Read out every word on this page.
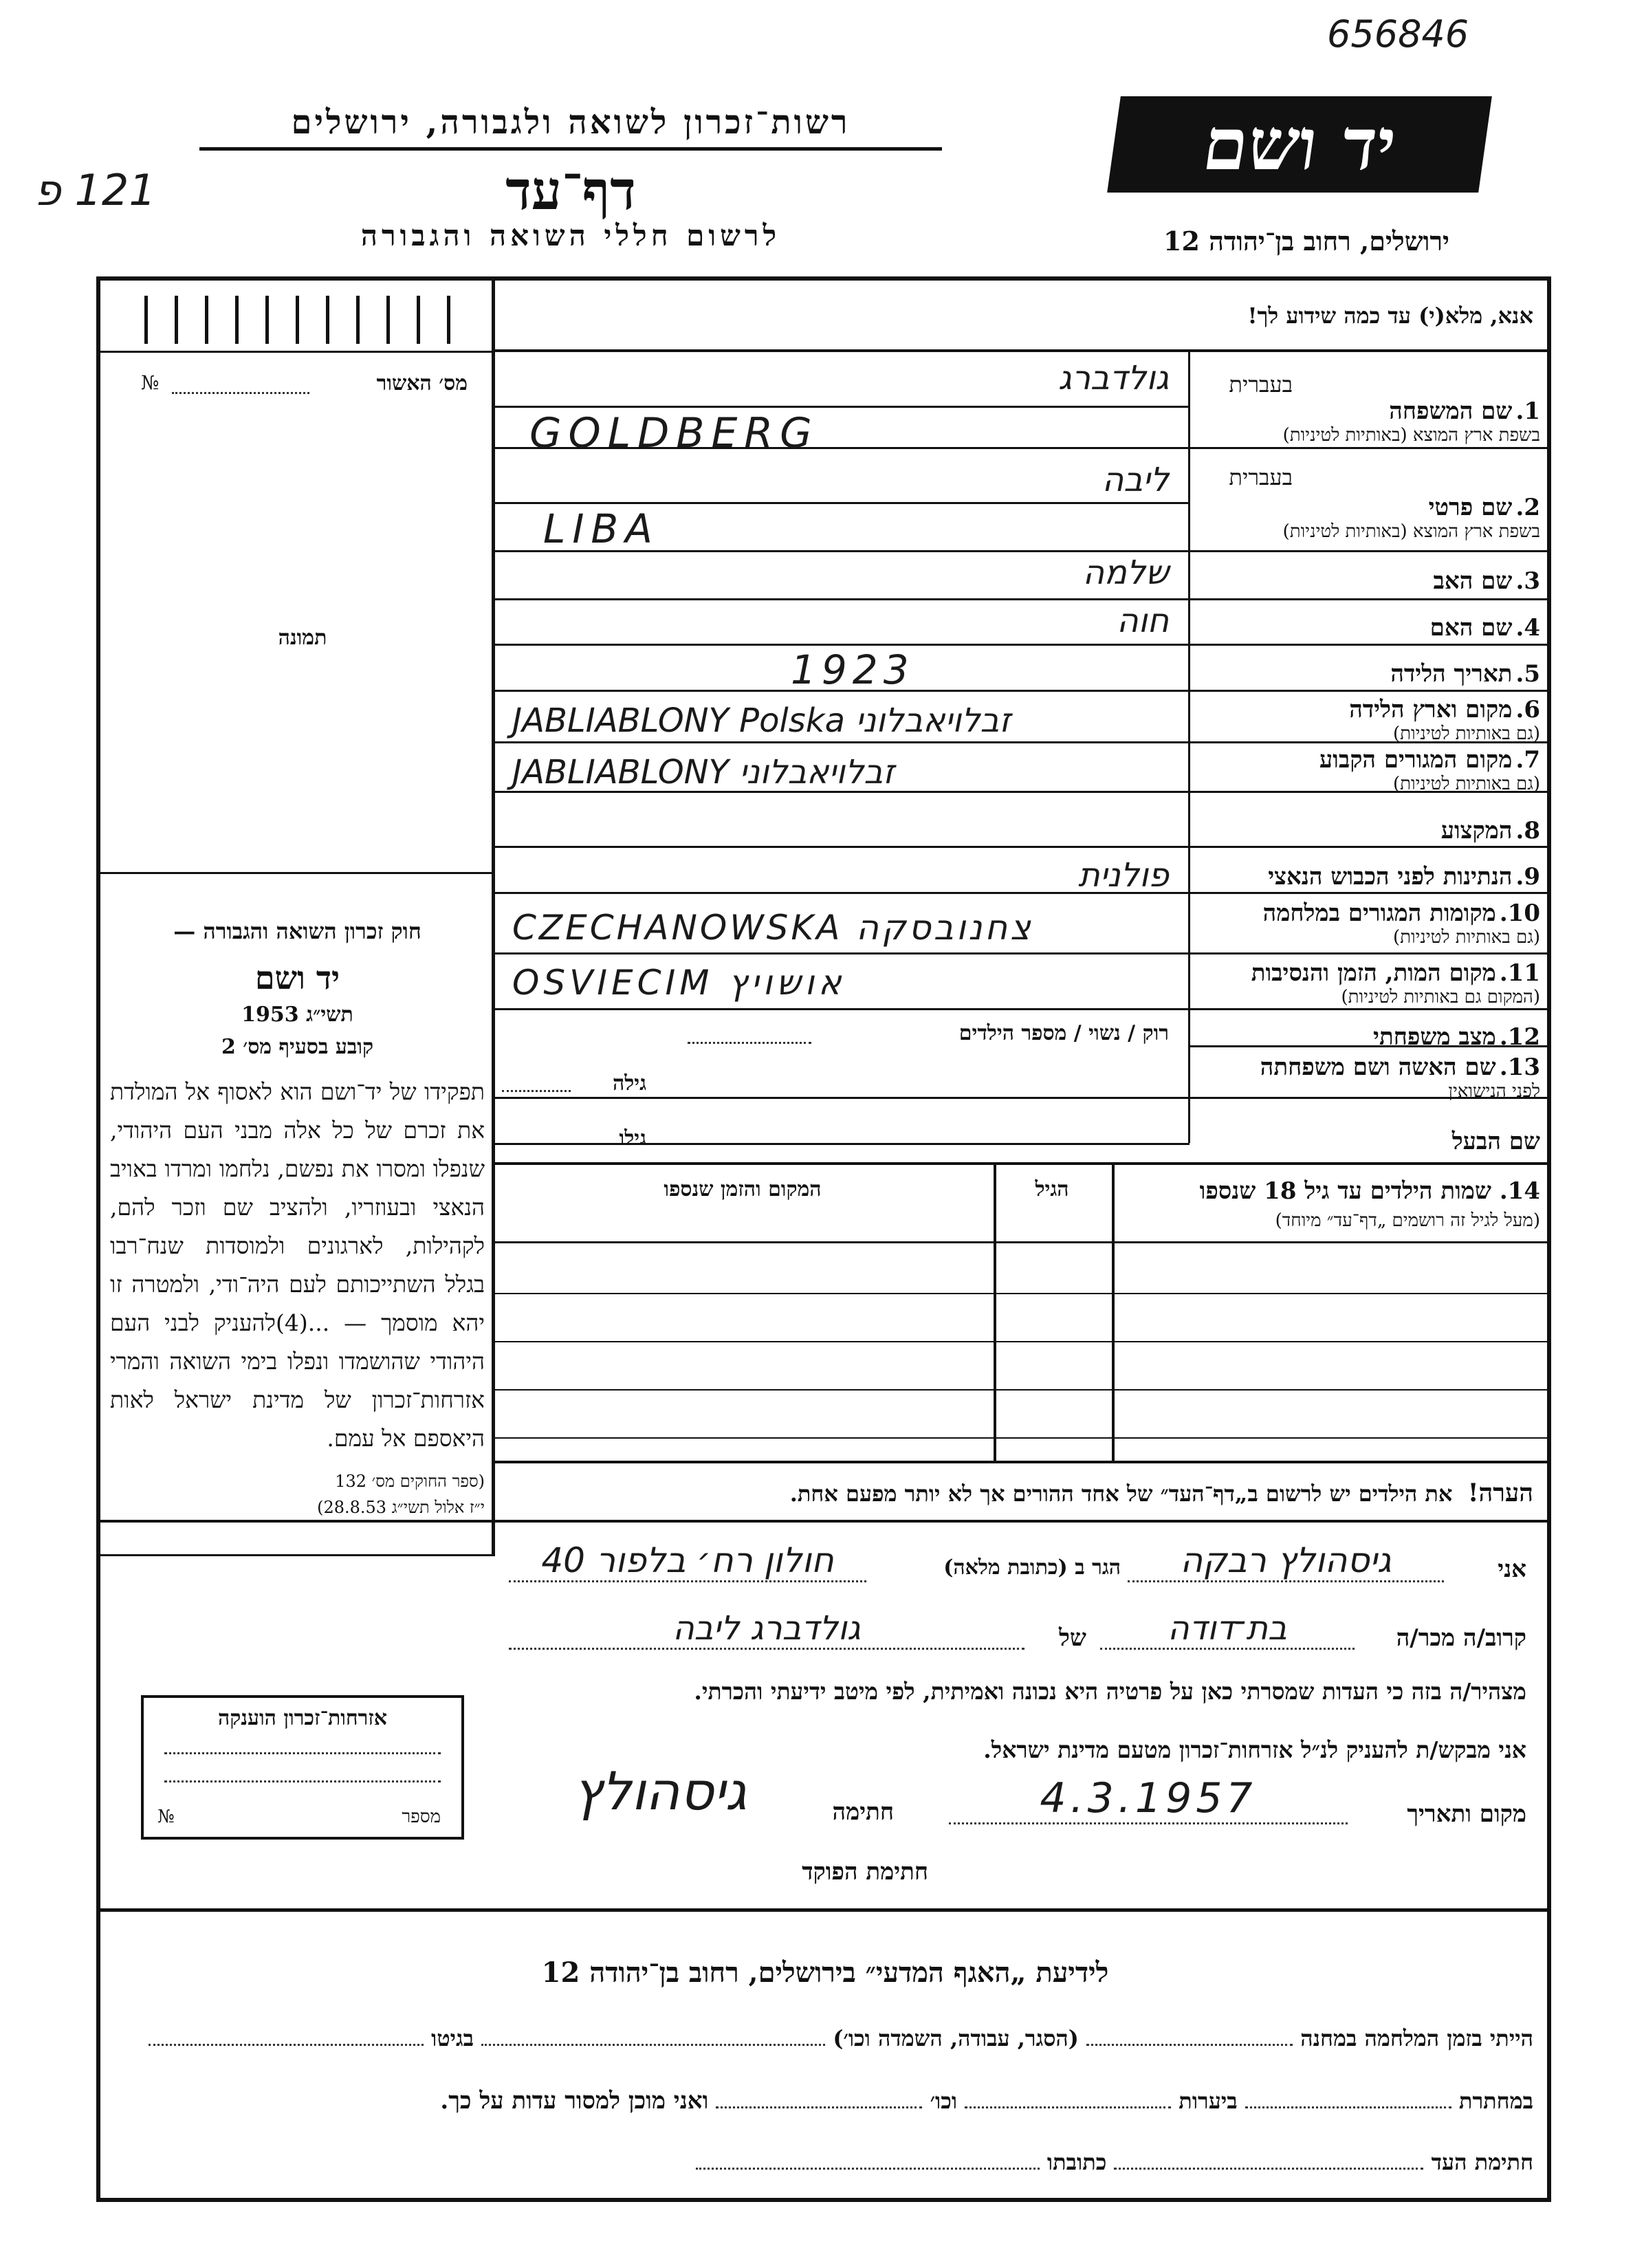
656846
121 פ
רשות־זכרון לשואה ולגבורה, ירושלים
דף־עד
לרשום חללי השואה והגבורה
יד ושם
ירושלים, רחוב בן־יהודה 12
אנא, מלא(י) עד כמה שידוע לך!
מס׳ האשור
№
תמונה
חוק זכרון השואה והגבורה —
יד ושם
תשי״ג 1953
קובע בסעיף מס׳ 2
תפקידו של יד־ושם הוא לאסוף אל המולדת את זכרם של כל אלה מבני העם היהודי, שנפלו ומסרו את נפשם, נלחמו ומרדו באויב הנאצי ובעוזריו, ולהציב שם וזכר להם, לקהילות, לארגונים ולמוסדות שנח־רבו בגלל השתייכותם לעם היה־ודי, ולמטרה זו יהא מוסמך — ...(4)להעניק לבני העם היהודי שהושמדו ונפלו בימי השואה והמרי אזרחות־זכרון של מדינת ישראל לאות היאספם אל עמם.
(ספר החוקים מס׳ 132
י״ז אלול תשי״ג 28.8.53)
בעברית
בעברית
1. שם המשפחה
בשפת ארץ המוצא (באותיות לטיניות)
2. שם פרטי
בשפת ארץ המוצא (באותיות לטיניות)
3. שם האב
4. שם האם
5. תאריך הלידה
6. מקום וארץ הלידה
(גם באותיות לטיניות)
7. מקום המגורים הקבוע
(גם באותיות לטיניות)
8. המקצוע
9. הנתינות לפני הכבוש הנאצי
10. מקומות המגורים במלחמה
(גם באותיות לטיניות)
11. מקום המות, הזמן והנסיבות
(המקום גם באותיות לטיניות)
12. מצב משפחתי
13. שם האשה ושם משפחתה
לפני הנישואין
שם הבעל
גולדברג
GOLDBERG
ליבה
LIBA
שלמה
חוה
1923
JABLIABLONY Polska זבלויאבלוני
JABLIABLONY זבלויאבלוני
פולנית
CZECHANOWSKA צחנובסקה
OSVIECIM אושויץ
רוק / נשוי / מספר הילדים
גילה
גילו
14. שמות הילדים עד גיל 18 שנספו
(מעל לגיל זה רושמים „דף־עד״ מיוחד)
הגיל
המקום והזמן שנספו
הערה!  את הילדים יש לרשום ב„דף־העד״ של אחד ההורים אך לא יותר מפעם אחת.
אני
גיסהולץ רבקה
הגר ב (כתובת מלאה)
חולון רח׳ בלפור 40
קרוב/ה מכר/ה
בת־דודה
של
גולדברג ליבה
מצהיר/ה בזה כי העדות שמסרתי כאן על פרטיה היא נכונה ואמיתית, לפי מיטב ידיעתי והכרתי.
אני מבקש/ת להעניק לנ״ל אזרחות־זכרון מטעם מדינת ישראל.
מקום ותאריך
4.3.1957
חתימה
גיסהולץ
חתימת הפוקד
אזרחות־זכרון הוענקה
№	מספר
לידיעת „האגף המדעי״ בירושלים, רחוב בן־יהודה 12
הייתי בזמן המלחמה במחנה  (הסגר, עבודה, השמדה וכו׳)  בגיטו
במחתרת  ביערות  וכו׳  ואני מוכן למסור עדות על כך.
חתימת העד  כתובתו
